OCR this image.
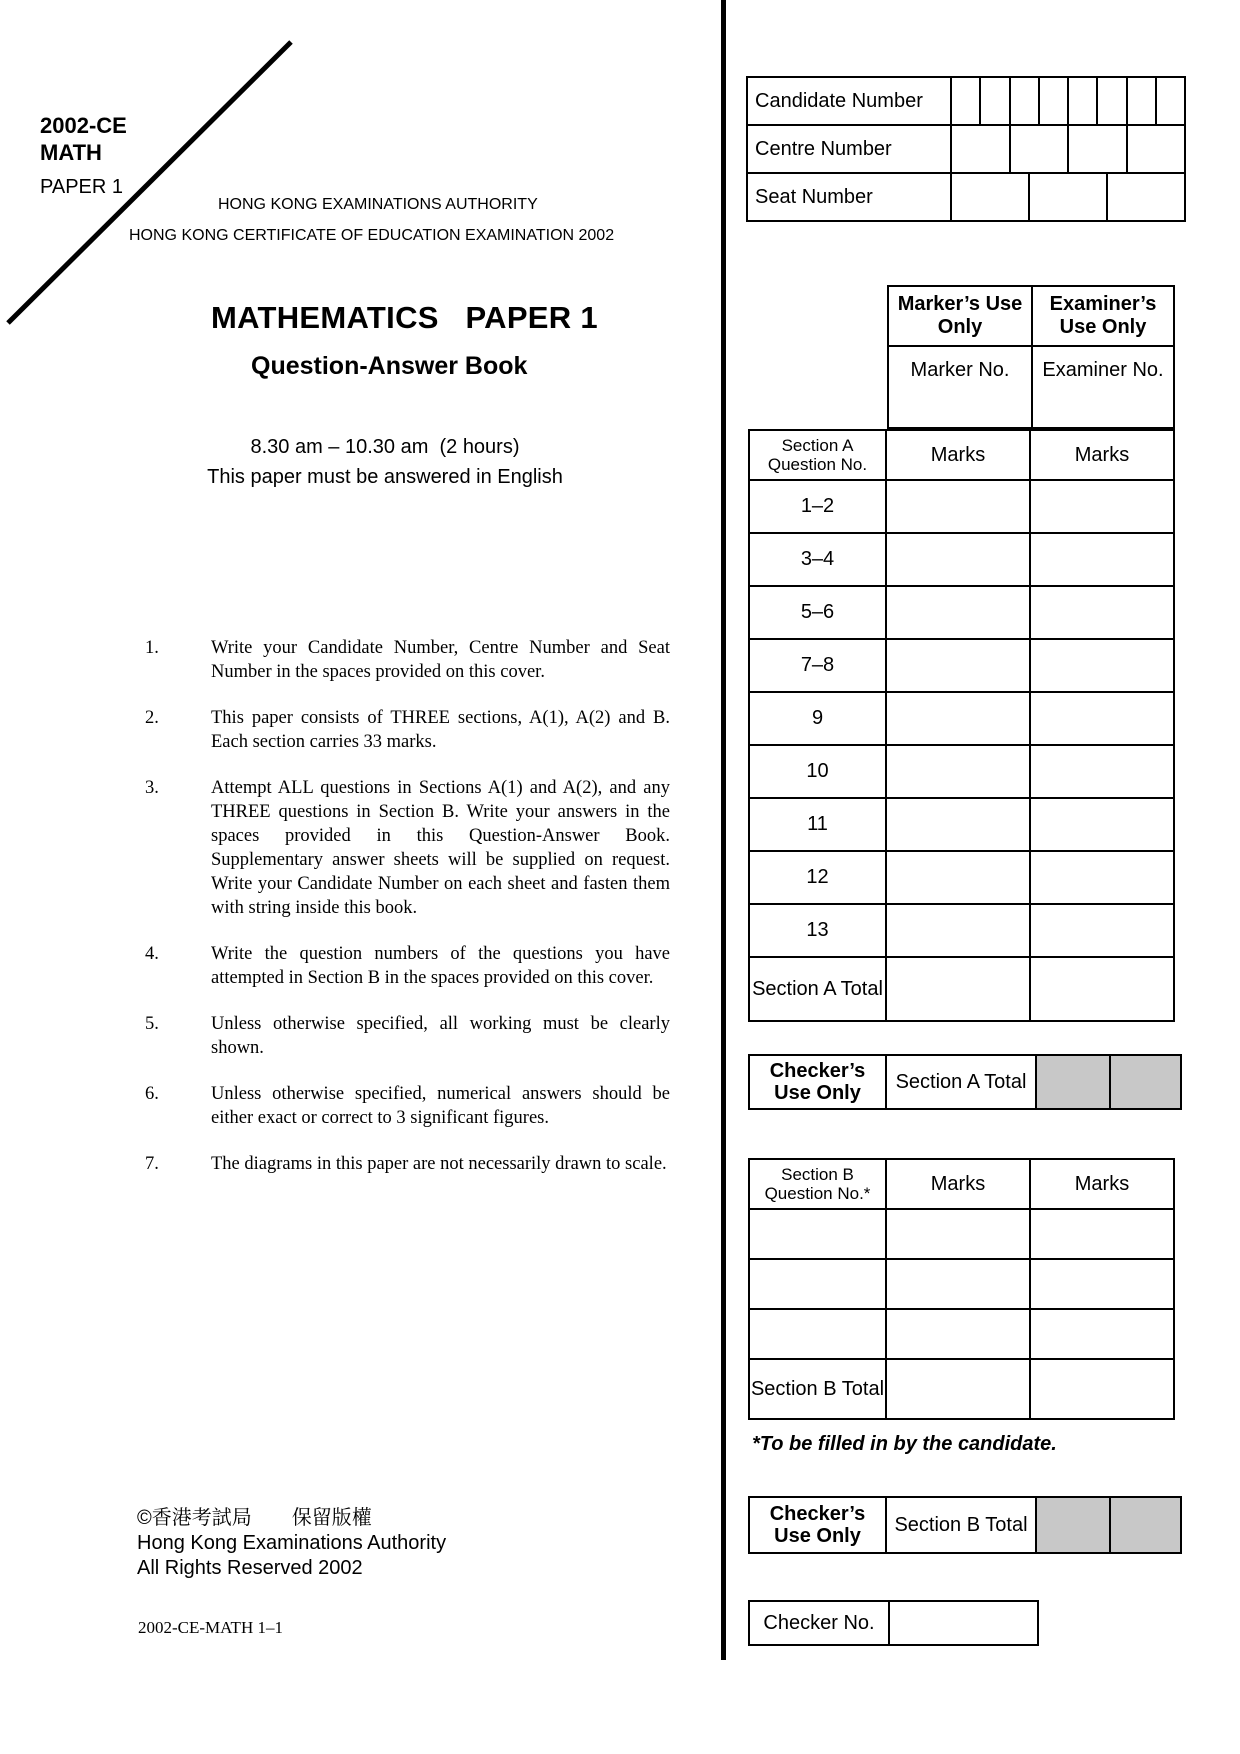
2002-CE
MATH
PAPER 1
HONG KONG EXAMINATIONS AUTHORITY
HONG KONG CERTIFICATE OF EDUCATION EXAMINATION 2002
MATHEMATICS   PAPER 1
Question-Answer Book
8.30 am – 10.30 am  (2 hours)
This paper must be answered in English
1.	Write your Candidate Number, Centre Number and Seat Number in the spaces provided on this cover.
2.	This paper consists of THREE sections, A(1), A(2) and B. Each section carries 33 marks.
3.	Attempt ALL questions in Sections A(1) and A(2), and any THREE questions in Section B. Write your answers in the spaces provided in this Question-Answer Book. Supplementary answer sheets will be supplied on request. Write your Candidate Number on each sheet and fasten them with string inside this book.
4.	Write the question numbers of the questions you have attempted in Section B in the spaces provided on this cover.
5.	Unless otherwise specified, all working must be clearly shown.
6.	Unless otherwise specified, numerical answers should be either exact or correct to 3 significant figures.
7.	The diagrams in this paper are not necessarily drawn to scale.
©香港考試局　　保留版權
Hong Kong Examinations Authority
All Rights Reserved 2002
2002-CE-MATH 1–1
Candidate Number	

Centre Number	

Seat Number	
Marker’s Use Only	Examiner’s Use Only
Marker No.	Examiner No.
Section A Question No.	Marks	Marks
1–2		
3–4		
5–6		
7–8		
9		
10		
11		
12		
13		
Section A Total		
Checker’s Use Only	Section A Total		
Section B Question No.*	Marks	Marks

Section B Total		
*To be filled in by the candidate.
Checker’s Use Only	Section B Total		
Checker No.	
